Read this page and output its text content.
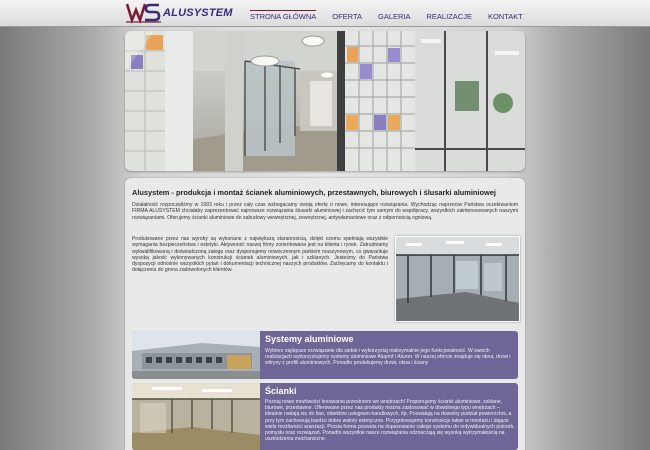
ALUSYSTEM STRONA GŁÓWNA OFERTA GALERIA REALIZACJE KONTAKT
Alusystem - produkcja i montaż ścianek aluminiowych, przestawnych, biurowych i ślusarki aluminiowej

Działalność rozpoczęliśmy w 1993 roku i przez cały czas wzbogacamy swoją ofertę o nowe, interesujące rozwiązania. Wychodząc naprzeciw Państwa oczekiwaniom FIRMA ALUSYSTEM chciałaby zaprezentować najnowsze rozwiązania ślusarki aluminiowej i zachęcić tym samym do współpracy, wszystkich zainteresowanych naszymi rozwiązaniami. Oferujemy ścianki aluminiowe do zabudowy wewnętrznej, zewnętrznej, antywłamaniowe oraz z odpornością ogniową.

Produkowane przez nas wyroby są wykonane z największą starannością, dzięki czemu spełniają wszystkie wymagania bezpieczeństwa i estetyki. Aktywność naszej firmy zorientowana jest na klienta i rynek. Zatrudniamy wykwalifikowaną i doświadczoną załogę oraz dysponujemy nowoczesnym parkiem maszynowym, co gwarantuje wysoką jakość wykonywanych konstrukcji ścianek aluminiowych, jak i szklanych. Jesteśmy do Państwa dyspozycji odnośnie wszystkich pytań i dokumentacji technicznej naszych produktów. Zachęcamy do kontaktu i dołączenia do grona zadowolonych klientów.

Systemy aluminiowe
Wybierz najlepsze rozwiązanie dla siebie i wykorzystaj maksymalnie jego funkcjonalność. W swoich realizacjach wykorzystujemy systemy aluminiowe Aluprof i Aluron. W naszej ofercie znajduje się okna, drzwi i witryny z profili aluminiowych. Ponadto produkujemy drzwi, okna i ściany
Ścianki
Poznaj nowe możliwości kreowania przestrzeni we wnętrzach! Proponujemy ścianki aluminiowe, szklane, biurowe, przestawne. Oferowane przez nas produkty można zastosować w dowolnego typu wnętrzach – idealnie nadają się do biur, obiektów usługowo-handlowych, itp. Pozwalają na dowolny podział powierzchni, a przy tym zachowują bardzo dobre walory estetyczne. Przygotowujemy konstrukcje łatwe w montażu i dające wiele możliwości aranżacji. Prosta forma pozwala na dopasowanie całego systemu do indywidualnych potrzeb, pomysłu oraz rozwiązań. Ponadto wszystkie nasze rozwiązania odznaczają się wysoką wytrzymałością na uszkodzenia mechaniczne.
